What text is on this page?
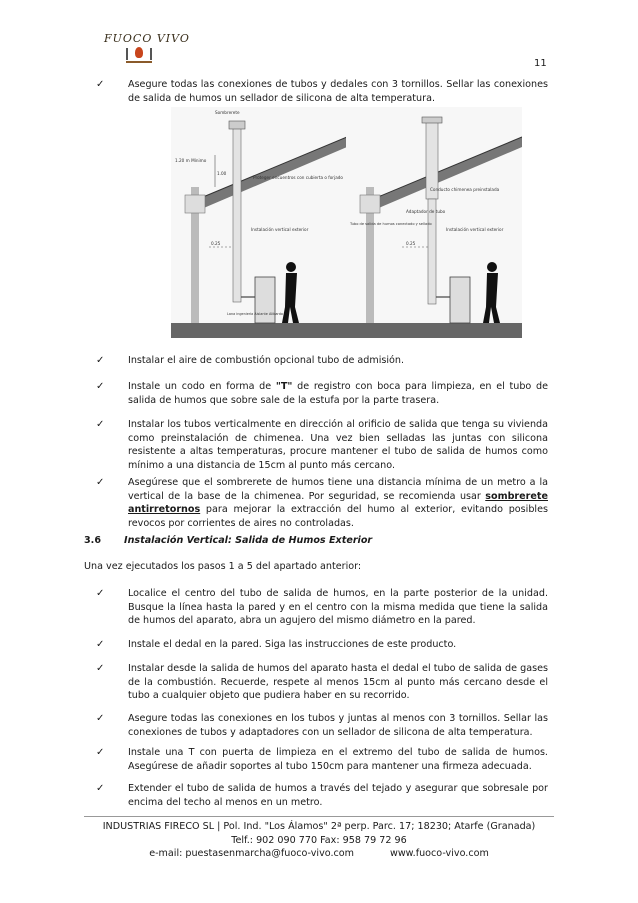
FUOCO VIVO
11
✓ Asegure todas las conexiones de tubos y dedales con 3 tornillos. Sellar las conexiones de salida de humos un sellador de silicona de alta temperatura.
Sombrerete
1.20 m Mínimo
1.00
Proteger encuentros con cubierta o forjado
Instalación vertical exterior
0.25
Lana ingeniería Aislante Alibardo
Conducto chimenea preinstalada
Adaptador de tubo
Tubo de salida de humos conectado y sellado
Instalación vertical exterior
0.25
✓ Instalar el aire de combustión opcional tubo de admisión.
✓ Instale un codo en forma de "T" de registro con boca para limpieza, en el tubo de salida de humos que sobre sale de la estufa por la parte trasera.
✓ Instalar los tubos verticalmente en dirección al orificio de salida que tenga su vivienda como preinstalación de chimenea. Una vez bien selladas las juntas con silicona resistente a altas temperaturas, procure mantener el tubo de salida de humos como mínimo a una distancia de 15cm al punto más cercano.
✓ Asegúrese que el sombrerete de humos tiene una distancia mínima de un metro a la vertical de la base de la chimenea. Por seguridad, se recomienda usar sombrerete antirretornos para mejorar la extracción del humo al exterior, evitando posibles revocos por corrientes de aires no controladas.
3.6 Instalación Vertical: Salida de Humos Exterior
Una vez ejecutados los pasos 1 a 5 del apartado anterior:
✓ Localice el centro del tubo de salida de humos, en la parte posterior de la unidad. Busque la línea hasta la pared y en el centro con la misma medida que tiene la salida de humos del aparato, abra un agujero del mismo diámetro en la pared.
✓ Instale el dedal en la pared. Siga las instrucciones de este producto.
✓ Instalar desde la salida de humos del aparato hasta el dedal el tubo de salida de gases de la combustión. Recuerde, respete al menos 15cm al punto más cercano desde el tubo a cualquier objeto que pudiera haber en su recorrido.
✓ Asegure todas las conexiones en los tubos y juntas al menos con 3 tornillos. Sellar las conexiones de tubos y adaptadores con un sellador de silicona de alta temperatura.
✓ Instale una T con puerta de limpieza en el extremo del tubo de salida de humos. Asegúrese de añadir soportes al tubo 150cm para mantener una firmeza adecuada.
✓ Extender el tubo de salida de humos a través del tejado y asegurar que sobresale por encima del techo al menos en un metro.
INDUSTRIAS FIRECO SL | Pol. Ind. "Los Álamos" 2ª perp. Parc. 17; 18230; Atarfe (Granada)
Telf.: 902 090 770 Fax: 958 79 72 96
e-mail: puestasenmarcha@fuoco-vivo.com	www.fuoco-vivo.com
